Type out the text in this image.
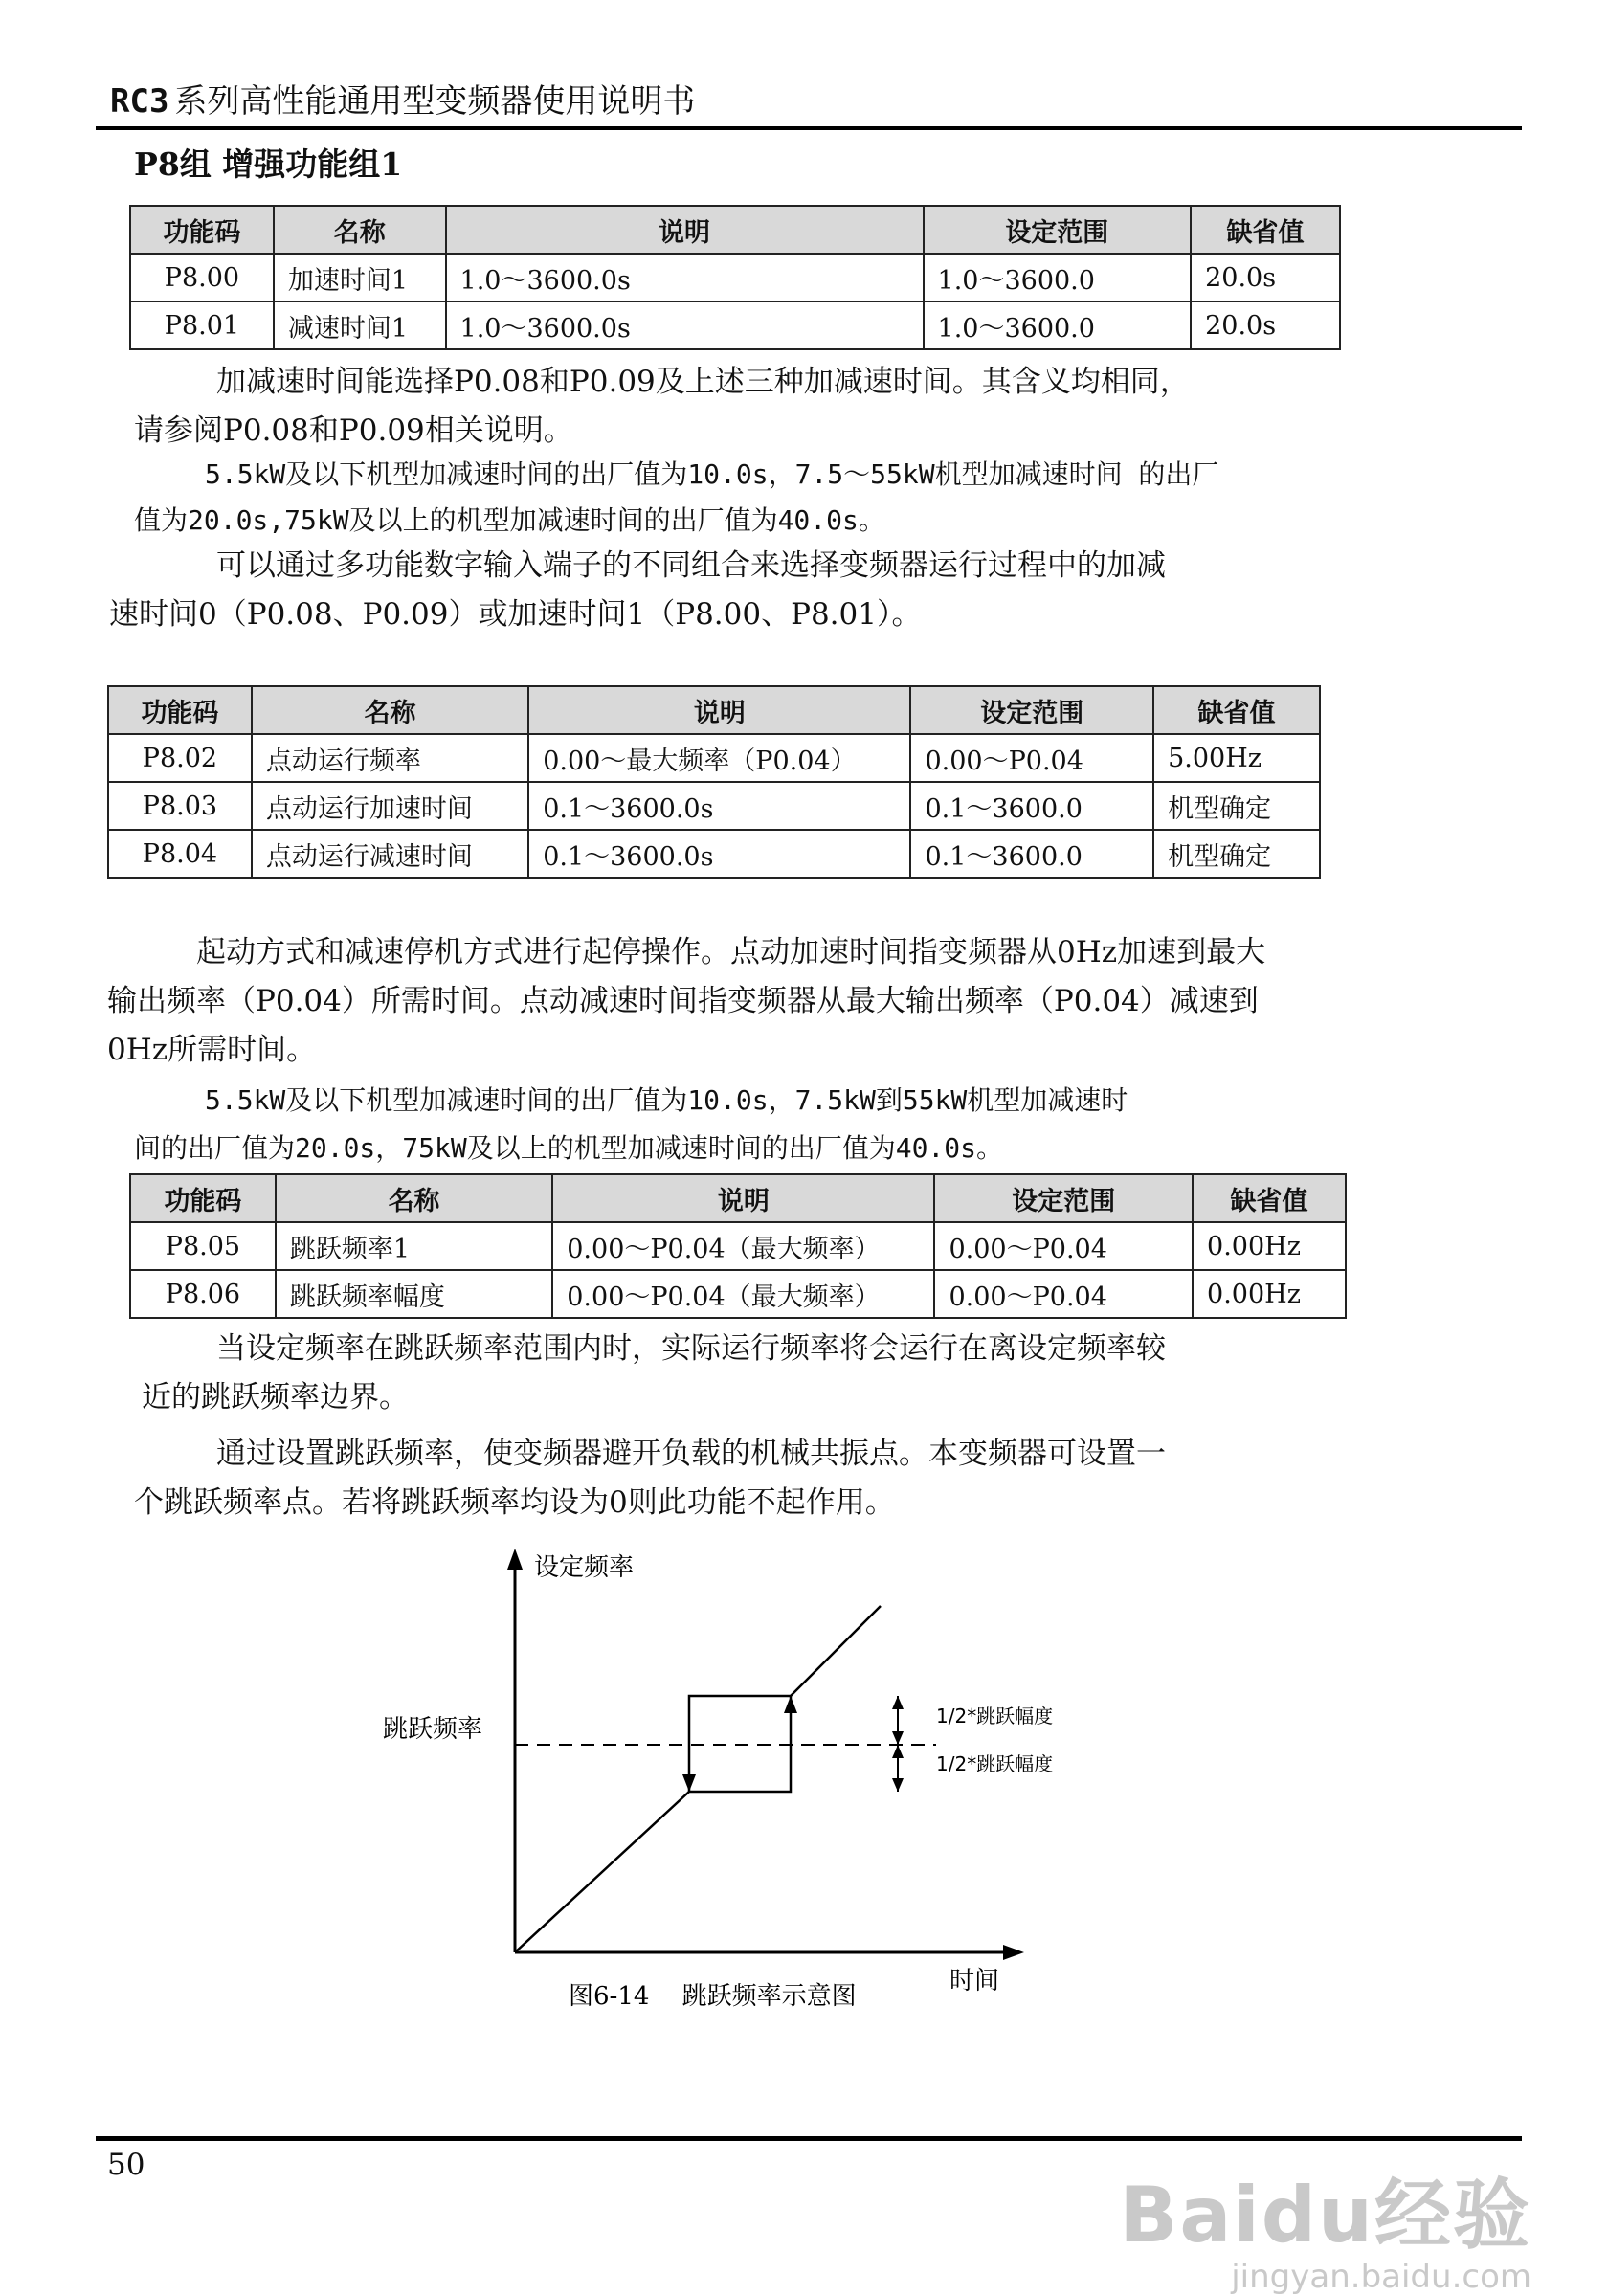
RC3 系列高性能通用型变频器使用说明书
P8组 增强功能组1
功能码	名称	说明	设定范围	缺省值
P8.00	加速时间1	1.0～3600.0s	1.0～3600.0	20.0s
P8.01	减速时间1	1.0～3600.0s	1.0～3600.0	20.0s

加减速时间能选择P0.08和P0.09及上述三种加减速时间。其含义均相同，

请参阅P0.08和P0.09相关说明。

5.5kW及以下机型加减速时间的出厂值为10.0s，7.5～55kW机型加减速时间 的出厂

值为20.0s,75kW及以上的机型加减速时间的出厂值为40.0s。

可以通过多功能数字输入端子的不同组合来选择变频器运行过程中的加减

速时间0（P0.08、P0.09）或加速时间1（P8.00、P8.01）。

功能码	名称	说明	设定范围	缺省值
P8.02	点动运行频率	0.00～最大频率（P0.04）	0.00～P0.04	5.00Hz
P8.03	点动运行加速时间	0.1～3600.0s	0.1～3600.0	机型确定
P8.04	点动运行减速时间	0.1～3600.0s	0.1～3600.0	机型确定

起动方式和减速停机方式进行起停操作。点动加速时间指变频器从0Hz加速到最大

输出频率（P0.04）所需时间。点动减速时间指变频器从最大输出频率（P0.04）减速到

0Hz所需时间。

5.5kW及以下机型加减速时间的出厂值为10.0s，7.5kW到55kW机型加减速时

间的出厂值为20.0s，75kW及以上的机型加减速时间的出厂值为40.0s。

功能码	名称	说明	设定范围	缺省值
P8.05	跳跃频率1	0.00～P0.04（最大频率）	0.00～P0.04	0.00Hz
P8.06	跳跃频率幅度	0.00～P0.04（最大频率）	0.00～P0.04	0.00Hz

当设定频率在跳跃频率范围内时，实际运行频率将会运行在离设定频率较

近的跳跃频率边界。

通过设置跳跃频率，使变频器避开负载的机械共振点。本变频器可设置一

个跳跃频率点。若将跳跃频率均设为0则此功能不起作用。

设定频率
跳跃频率	1/2*跳跃幅度
1/2*跳跃幅度
时间
图6-14　 跳跃频率示意图
50
Baidu经验
jingyan.baidu.com
